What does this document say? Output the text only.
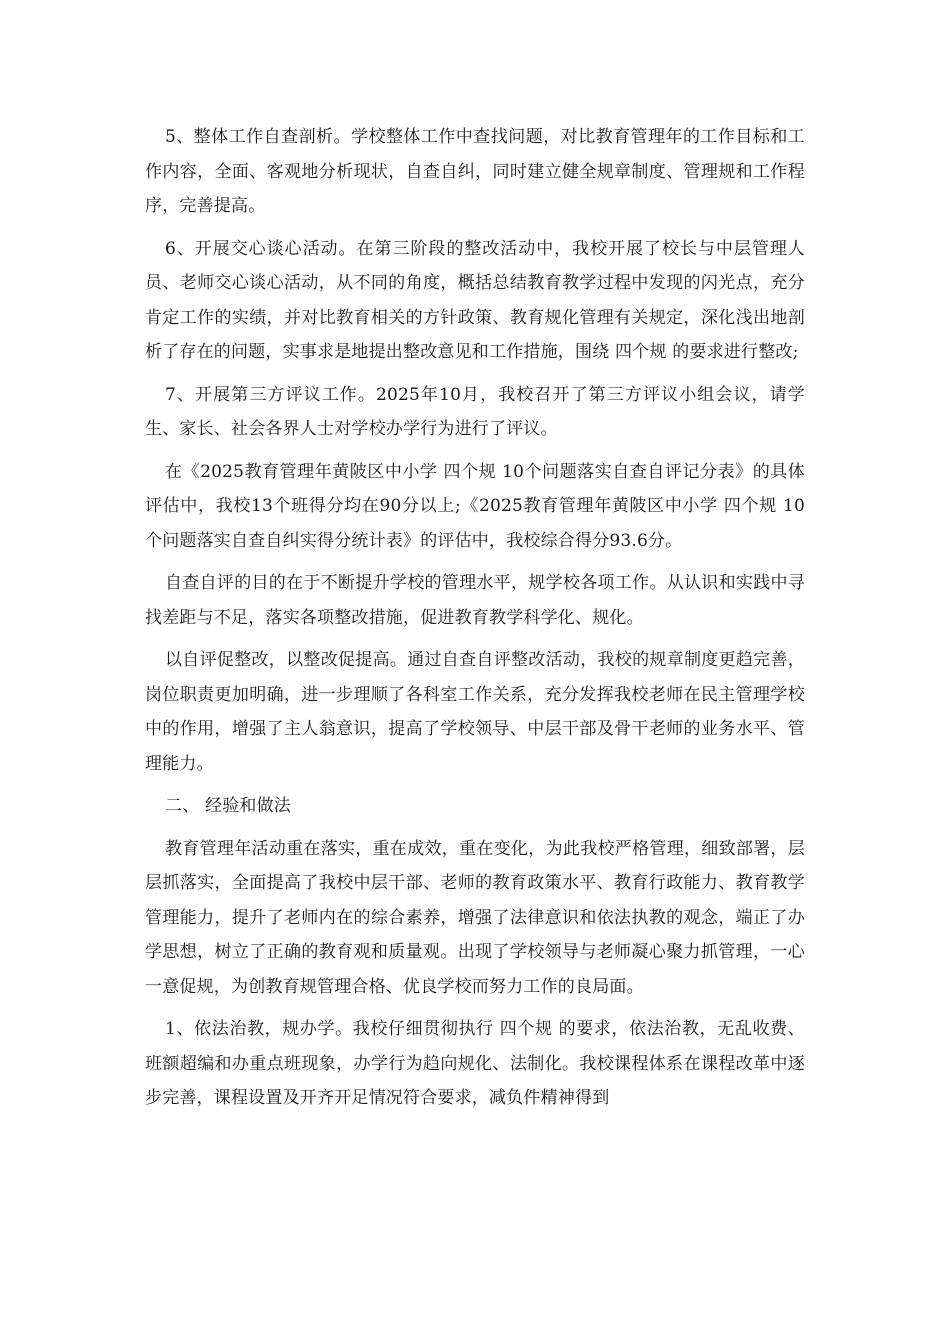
5、整体工作自查剖析。学校整体工作中查找问题，对比教育管理年的工作目标和工作内容，全面、客观地分析现状，自查自纠，同时建立健全规章制度、管理规和工作程序，完善提高。

6、开展交心谈心活动。在第三阶段的整改活动中，我校开展了校长与中层管理人员、老师交心谈心活动，从不同的角度，概括总结教育教学过程中发现的闪光点，充分肯定工作的实绩，并对比教育相关的方针政策、教育规化管理有关规定，深化浅出地剖析了存在的问题，实事求是地提出整改意见和工作措施，围绕 四个规 的要求进行整改;

7、开展第三方评议工作。2025年10月，我校召开了第三方评议小组会议，请学生、家长、社会各界人士对学校办学行为进行了评议。

在《2025教育管理年黄陂区中小学 四个规 10个问题落实自查自评记分表》的具体评估中，我校13个班得分均在90分以上;《2025教育管理年黄陂区中小学 四个规 10个问题落实自查自纠实得分统计表》的评估中，我校综合得分93.6分。

自查自评的目的在于不断提升学校的管理水平，规学校各项工作。从认识和实践中寻找差距与不足，落实各项整改措施，促进教育教学科学化、规化。

以自评促整改，以整改促提高。通过自查自评整改活动，我校的规章制度更趋完善，岗位职责更加明确，进一步理顺了各科室工作关系，充分发挥我校老师在民主管理学校中的作用，增强了主人翁意识，提高了学校领导、中层干部及骨干老师的业务水平、管理能力。

二、 经验和做法

教育管理年活动重在落实，重在成效，重在变化，为此我校严格管理，细致部署，层层抓落实，全面提高了我校中层干部、老师的教育政策水平、教育行政能力、教育教学管理能力，提升了老师内在的综合素养，增强了法律意识和依法执教的观念，端正了办学思想，树立了正确的教育观和质量观。出现了学校领导与老师凝心聚力抓管理，一心一意促规，为创教育规管理合格、优良学校而努力工作的良局面。

1、依法治教，规办学。我校仔细贯彻执行 四个规 的要求，依法治教，无乱收费、班额超编和办重点班现象，办学行为趋向规化、法制化。我校课程体系在课程改革中逐步完善，课程设置及开齐开足情况符合要求，减负件精神得到
